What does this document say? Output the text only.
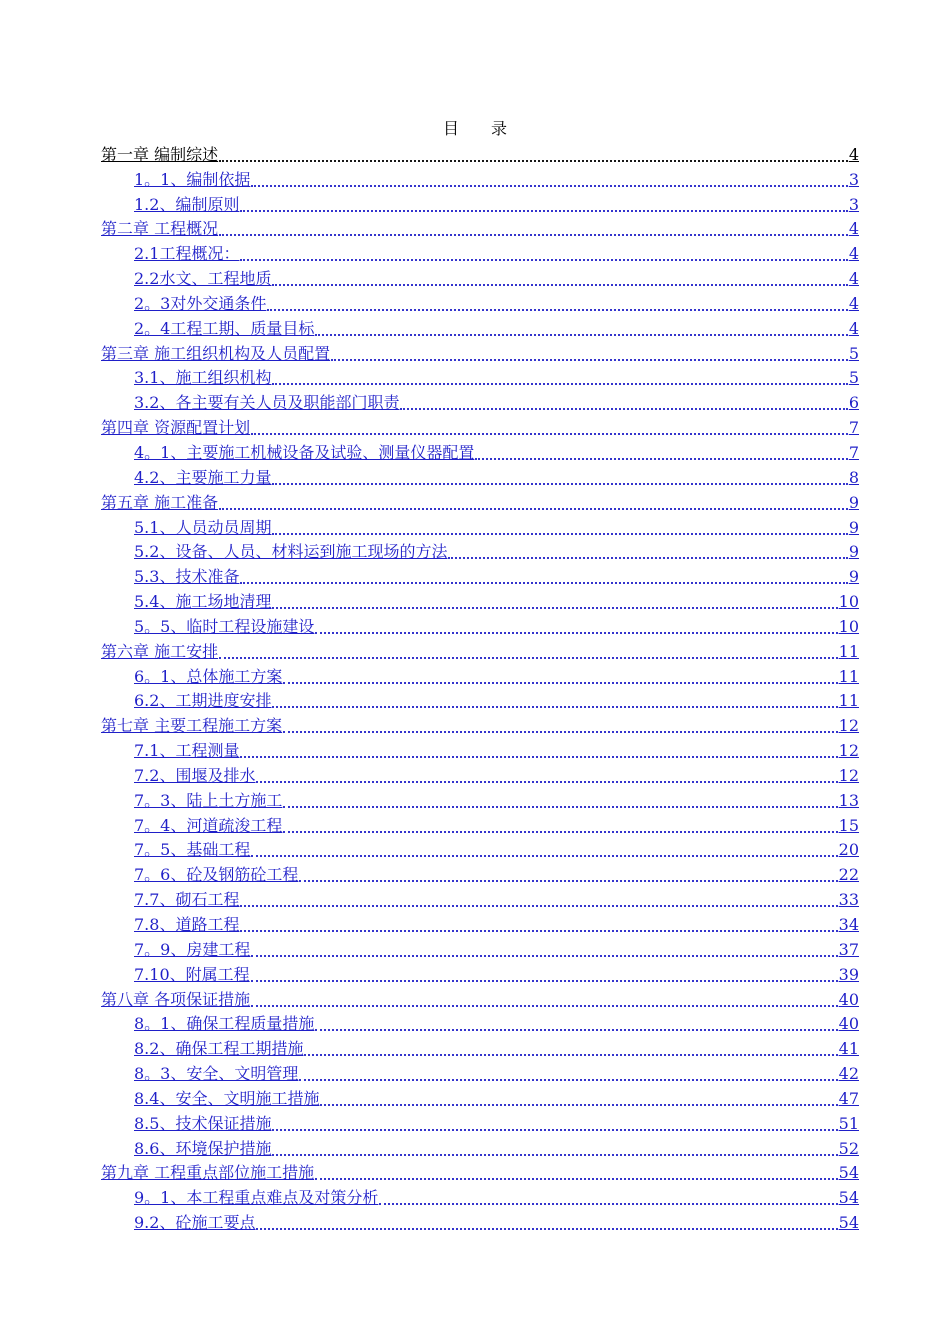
目　　录
第一章 编制综述	4
1。1、编制依据	3
1.2、编制原则	3
第二章 工程概况	4
2.1工程概况：	4
2.2水文、工程地质	4
2。3对外交通条件	4
2。4工程工期、质量目标	4
第三章 施工组织机构及人员配置	5
3.1、施工组织机构	5
3.2、各主要有关人员及职能部门职责	6
第四章 资源配置计划	7
4。1、主要施工机械设备及试验、测量仪器配置	7
4.2、主要施工力量	8
第五章 施工准备	9
5.1、人员动员周期	9
5.2、设备、人员、材料运到施工现场的方法	9
5.3、技术准备	9
5.4、施工场地清理	10
5。5、临时工程设施建设	10
第六章 施工安排	11
6。1、总体施工方案	11
6.2、工期进度安排	11
第七章 主要工程施工方案	12
7.1、工程测量	12
7.2、围堰及排水	12
7。3、陆上土方施工	13
7。4、河道疏浚工程	15
7。5、基础工程	20
7。6、砼及钢筋砼工程	22
7.7、砌石工程	33
7.8、道路工程	34
7。9、房建工程	37
7.10、附属工程	39
第八章 各项保证措施	40
8。1、确保工程质量措施	40
8.2、确保工程工期措施	41
8。3、安全、文明管理	42
8.4、安全、文明施工措施	47
8.5、技术保证措施	51
8.6、环境保护措施	52
第九章 工程重点部位施工措施	54
9。1、本工程重点难点及对策分析	54
9.2、砼施工要点	54
